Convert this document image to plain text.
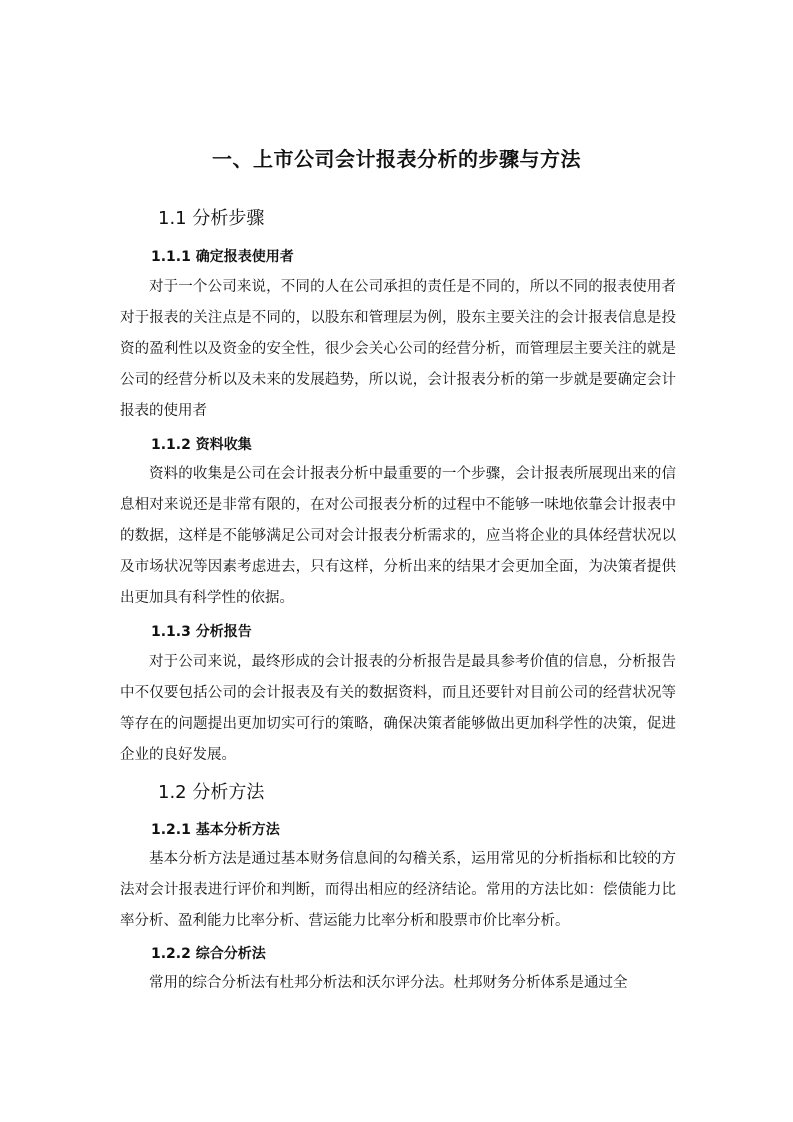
一、上市公司会计报表分析的步骤与方法
1.1 分析步骤
1.1.1 确定报表使用者

对于一个公司来说，不同的人在公司承担的责任是不同的，所以不同的报表使用者对于报表的关注点是不同的，以股东和管理层为例，股东主要关注的会计报表信息是投资的盈利性以及资金的安全性，很少会关心公司的经营分析，而管理层主要关注的就是公司的经营分析以及未来的发展趋势，所以说，会计报表分析的第一步就是要确定会计报表的使用者

1.1.2 资料收集

资料的收集是公司在会计报表分析中最重要的一个步骤，会计报表所展现出来的信息相对来说还是非常有限的，在对公司报表分析的过程中不能够一味地依靠会计报表中的数据，这样是不能够满足公司对会计报表分析需求的，应当将企业的具体经营状况以及市场状况等因素考虑进去，只有这样，分析出来的结果才会更加全面，为决策者提供出更加具有科学性的依据。

1.1.3 分析报告

对于公司来说，最终形成的会计报表的分析报告是最具参考价值的信息，分析报告中不仅要包括公司的会计报表及有关的数据资料，而且还要针对目前公司的经营状况等等存在的问题提出更加切实可行的策略，确保决策者能够做出更加科学性的决策，促进企业的良好发展。

1.2 分析方法
1.2.1 基本分析方法

基本分析方法是通过基本财务信息间的勾稽关系，运用常见的分析指标和比较的方法对会计报表进行评价和判断，而得出相应的经济结论。常用的方法比如：偿债能力比率分析、盈利能力比率分析、营运能力比率分析和股票市价比率分析。

1.2.2 综合分析法

常用的综合分析法有杜邦分析法和沃尔评分法。杜邦财务分析体系是通过全
